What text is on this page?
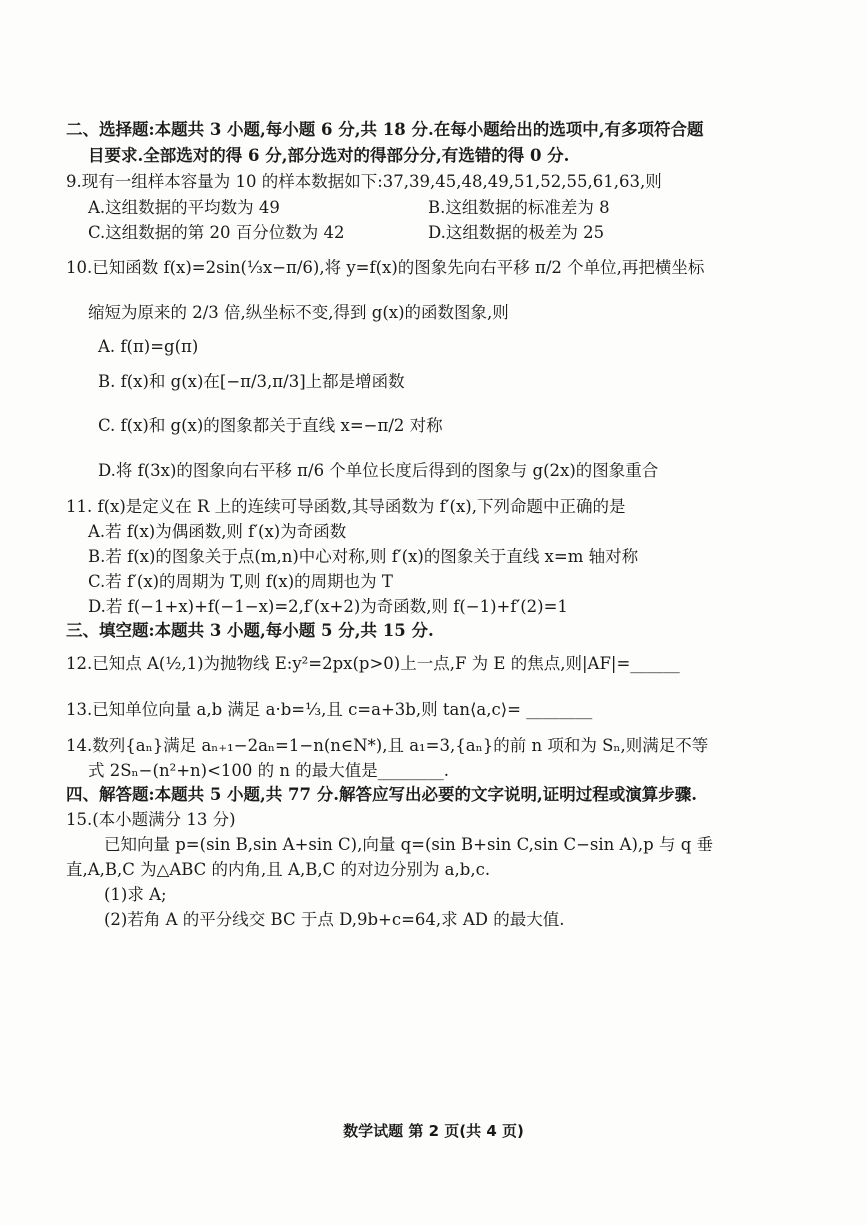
二、选择题:本题共 3 小题,每小题 6 分,共 18 分.在每小题给出的选项中,有多项符合题
目要求.全部选对的得 6 分,部分选对的得部分分,有选错的得 0 分.
9.现有一组样本容量为 10 的样本数据如下:37,39,45,48,49,51,52,55,61,63,则
A.这组数据的平均数为 49	B.这组数据的标准差为 8
C.这组数据的第 20 百分位数为 42	D.这组数据的极差为 25
10.已知函数 f(x)=2sin(⅓x−π/6),将 y=f(x)的图象先向右平移 π/2 个单位,再把横坐标
缩短为原来的 2/3 倍,纵坐标不变,得到 g(x)的函数图象,则
A. f(π)=g(π)
B. f(x)和 g(x)在[−π/3,π/3]上都是增函数
C. f(x)和 g(x)的图象都关于直线 x=−π/2 对称
D.将 f(3x)的图象向右平移 π/6 个单位长度后得到的图象与 g(2x)的图象重合
11. f(x)是定义在 R 上的连续可导函数,其导函数为 f′(x),下列命题中正确的是
A.若 f(x)为偶函数,则 f′(x)为奇函数
B.若 f(x)的图象关于点(m,n)中心对称,则 f′(x)的图象关于直线 x=m 轴对称
C.若 f′(x)的周期为 T,则 f(x)的周期也为 T
D.若 f(−1+x)+f(−1−x)=2,f′(x+2)为奇函数,则 f(−1)+f′(2)=1
三、填空题:本题共 3 小题,每小题 5 分,共 15 分.
12.已知点 A(½,1)为抛物线 E:y²=2px(p>0)上一点,F 为 E 的焦点,则|AF|=______
13.已知单位向量 a,b 满足 a·b=⅓,且 c=a+3b,则 tan⟨a,c⟩= ________
14.数列{aₙ}满足 aₙ₊₁−2aₙ=1−n(n∈N*),且 a₁=3,{aₙ}的前 n 项和为 Sₙ,则满足不等
式 2Sₙ−(n²+n)<100 的 n 的最大值是________.
四、解答题:本题共 5 小题,共 77 分.解答应写出必要的文字说明,证明过程或演算步骤.
15.(本小题满分 13 分)
已知向量 p=(sin B,sin A+sin C),向量 q=(sin B+sin C,sin C−sin A),p 与 q 垂
直,A,B,C 为△ABC 的内角,且 A,B,C 的对边分别为 a,b,c.
(1)求 A;
(2)若角 A 的平分线交 BC 于点 D,9b+c=64,求 AD 的最大值.
数学试题 第 2 页(共 4 页)
